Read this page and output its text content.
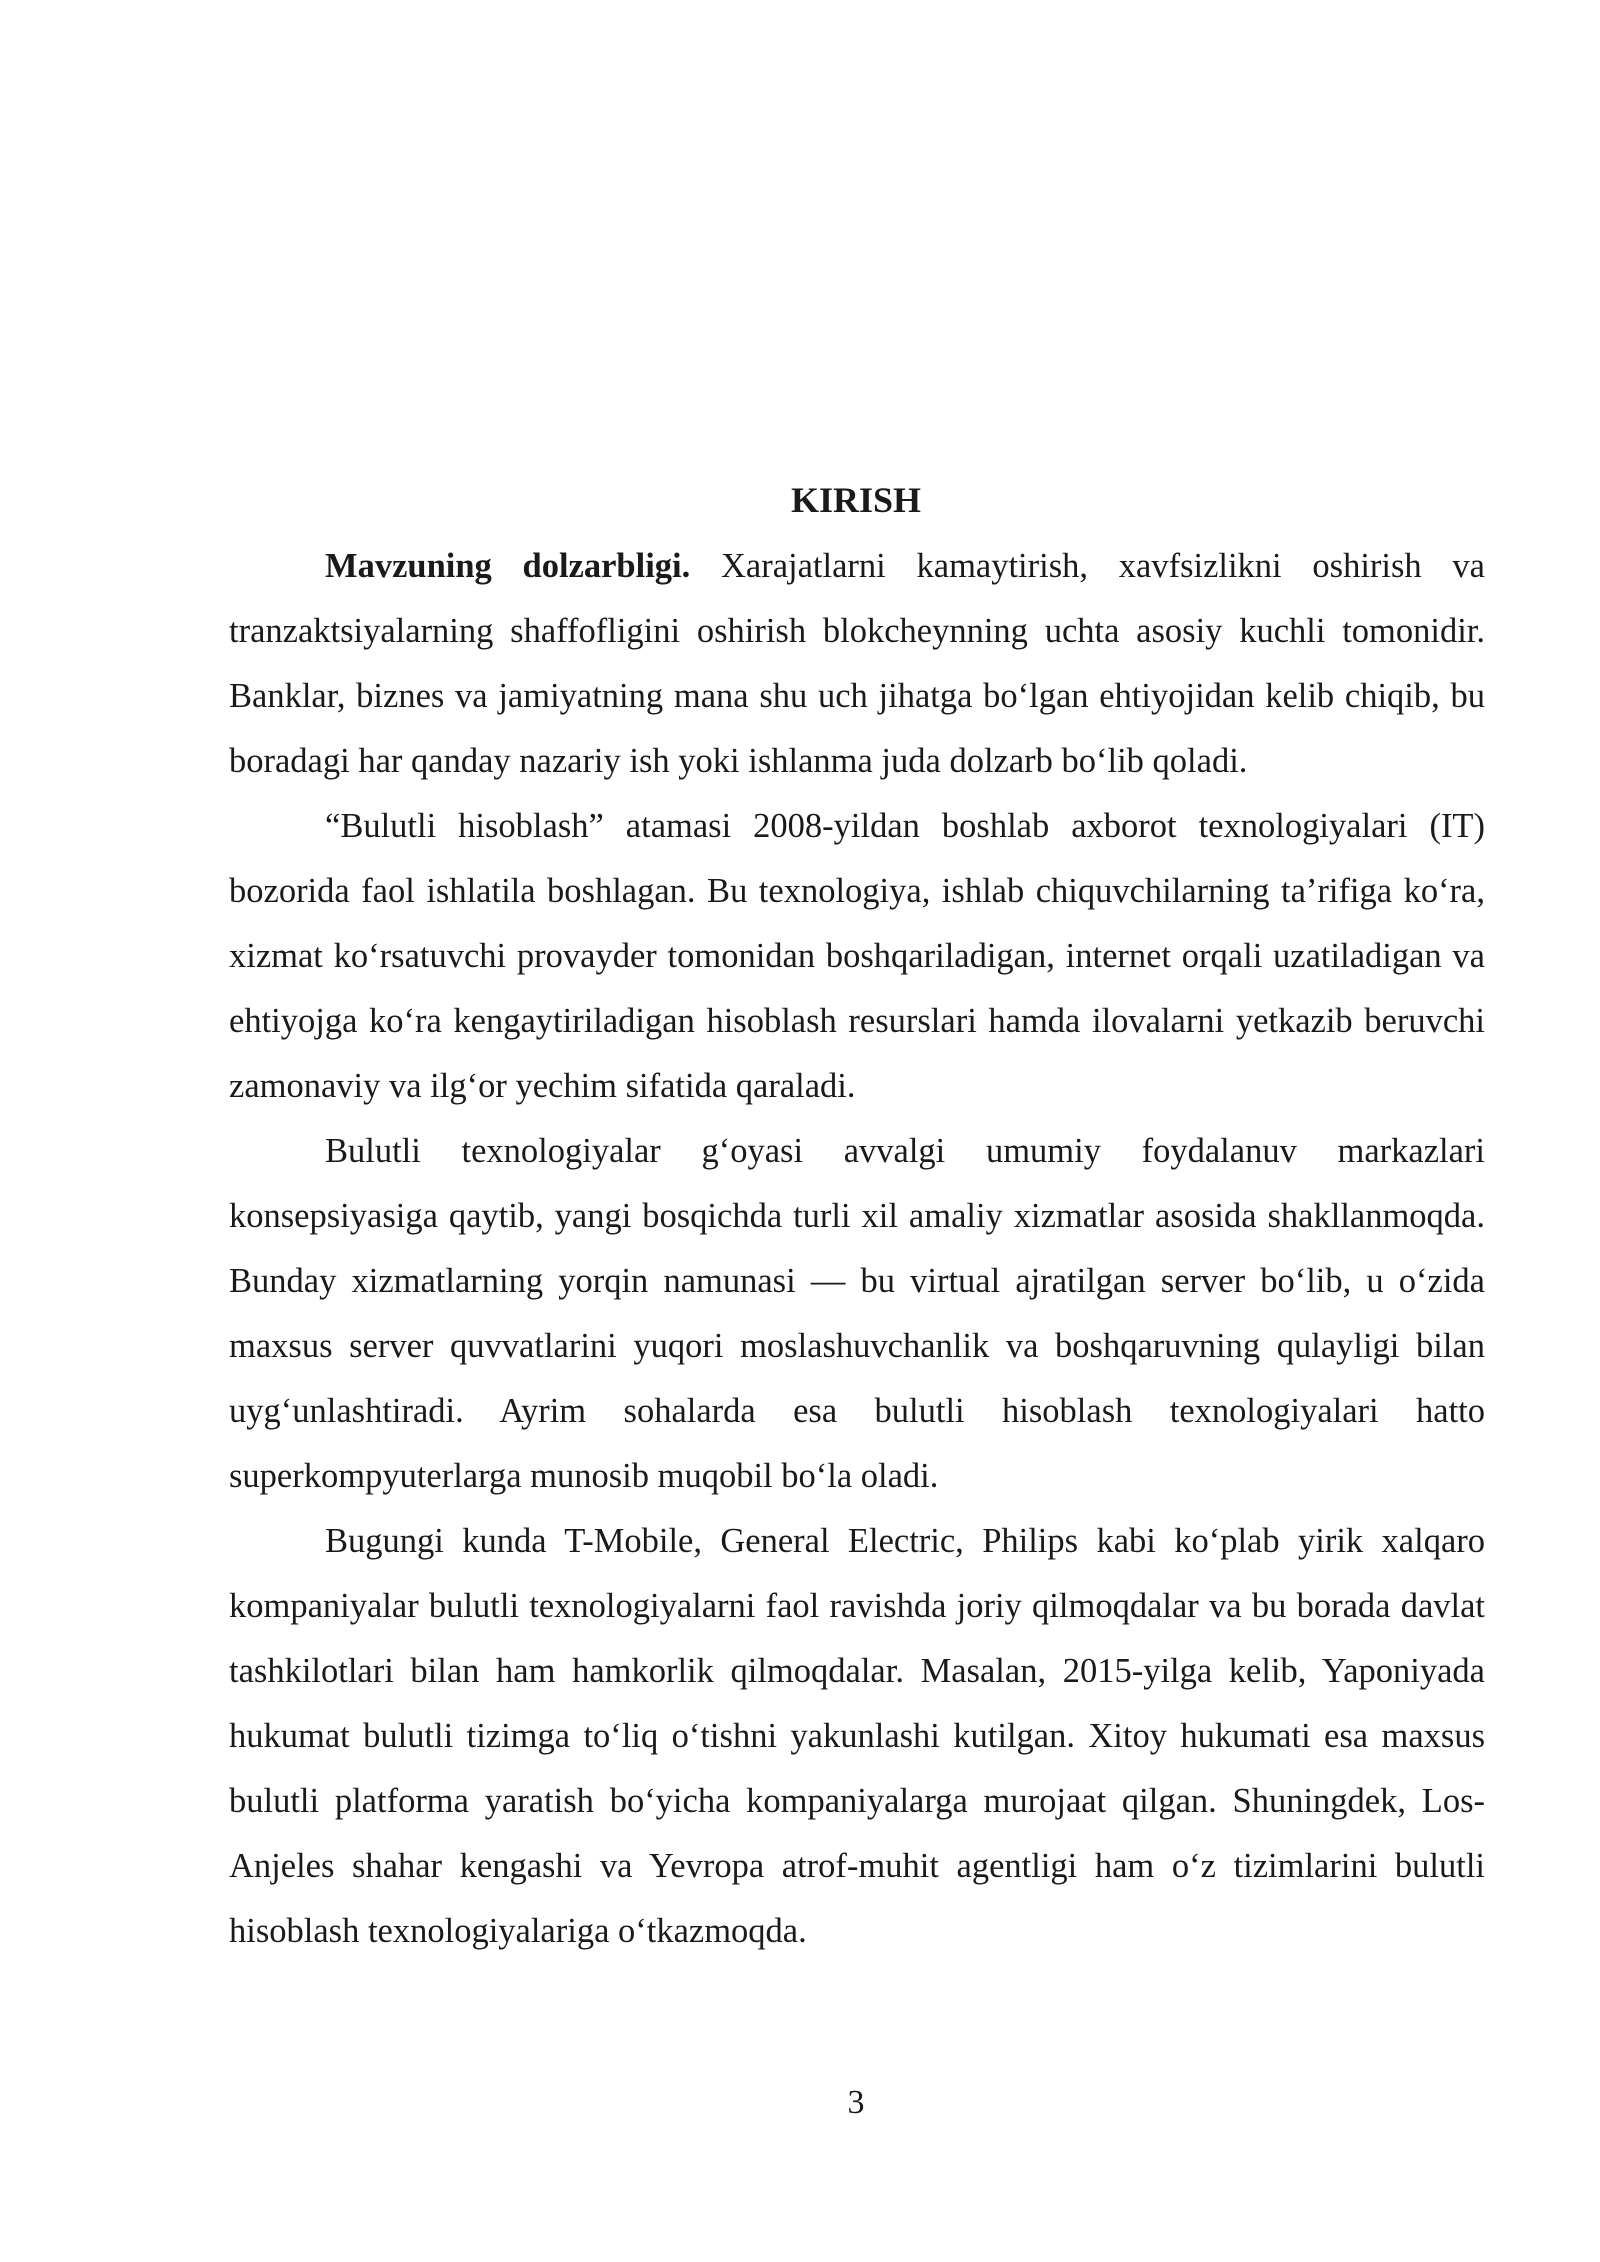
KIRISH

Mavzuning dolzarbligi. Xarajatlarni kamaytirish, xavfsizlikni oshirish va tranzaktsiyalarning shaffofligini oshirish blokcheynning uchta asosiy kuchli tomonidir. Banklar, biznes va jamiyatning mana shu uch jihatga bo‘lgan ehtiyojidan kelib chiqib, bu boradagi har qanday nazariy ish yoki ishlanma juda dolzarb bo‘lib qoladi.

“Bulutli hisoblash” atamasi 2008-yildan boshlab axborot texnologiyalari (IT) bozorida faol ishlatila boshlagan. Bu texnologiya, ishlab chiquvchilarning ta’rifiga ko‘ra, xizmat ko‘rsatuvchi provayder tomonidan boshqariladigan, internet orqali uzatiladigan va ehtiyojga ko‘ra kengaytiriladigan hisoblash resurslari hamda ilovalarni yetkazib beruvchi zamonaviy va ilg‘or yechim sifatida qaraladi.

Bulutli texnologiyalar g‘oyasi avvalgi umumiy foydalanuv markazlari konsepsiyasiga qaytib, yangi bosqichda turli xil amaliy xizmatlar asosida shakllanmoqda. Bunday xizmatlarning yorqin namunasi — bu virtual ajratilgan server bo‘lib, u o‘zida maxsus server quvvatlarini yuqori moslashuvchanlik va boshqaruvning qulayligi bilan uyg‘unlashtiradi. Ayrim sohalarda esa bulutli hisoblash texnologiyalari hatto superkompyuterlarga munosib muqobil bo‘la oladi.

Bugungi kunda T-Mobile, General Electric, Philips kabi ko‘plab yirik xalqaro kompaniyalar bulutli texnologiyalarni faol ravishda joriy qilmoqdalar va bu borada davlat tashkilotlari bilan ham hamkorlik qilmoqdalar. Masalan, 2015-yilga kelib, Yaponiyada hukumat bulutli tizimga to‘liq o‘tishni yakunlashi kutilgan. Xitoy hukumati esa maxsus bulutli platforma yaratish bo‘yicha kompaniyalarga murojaat qilgan. Shuningdek, Los-Anjeles shahar kengashi va Yevropa atrof-muhit agentligi ham o‘z tizimlarini bulutli hisoblash texnologiyalariga o‘tkazmoqda.

3
